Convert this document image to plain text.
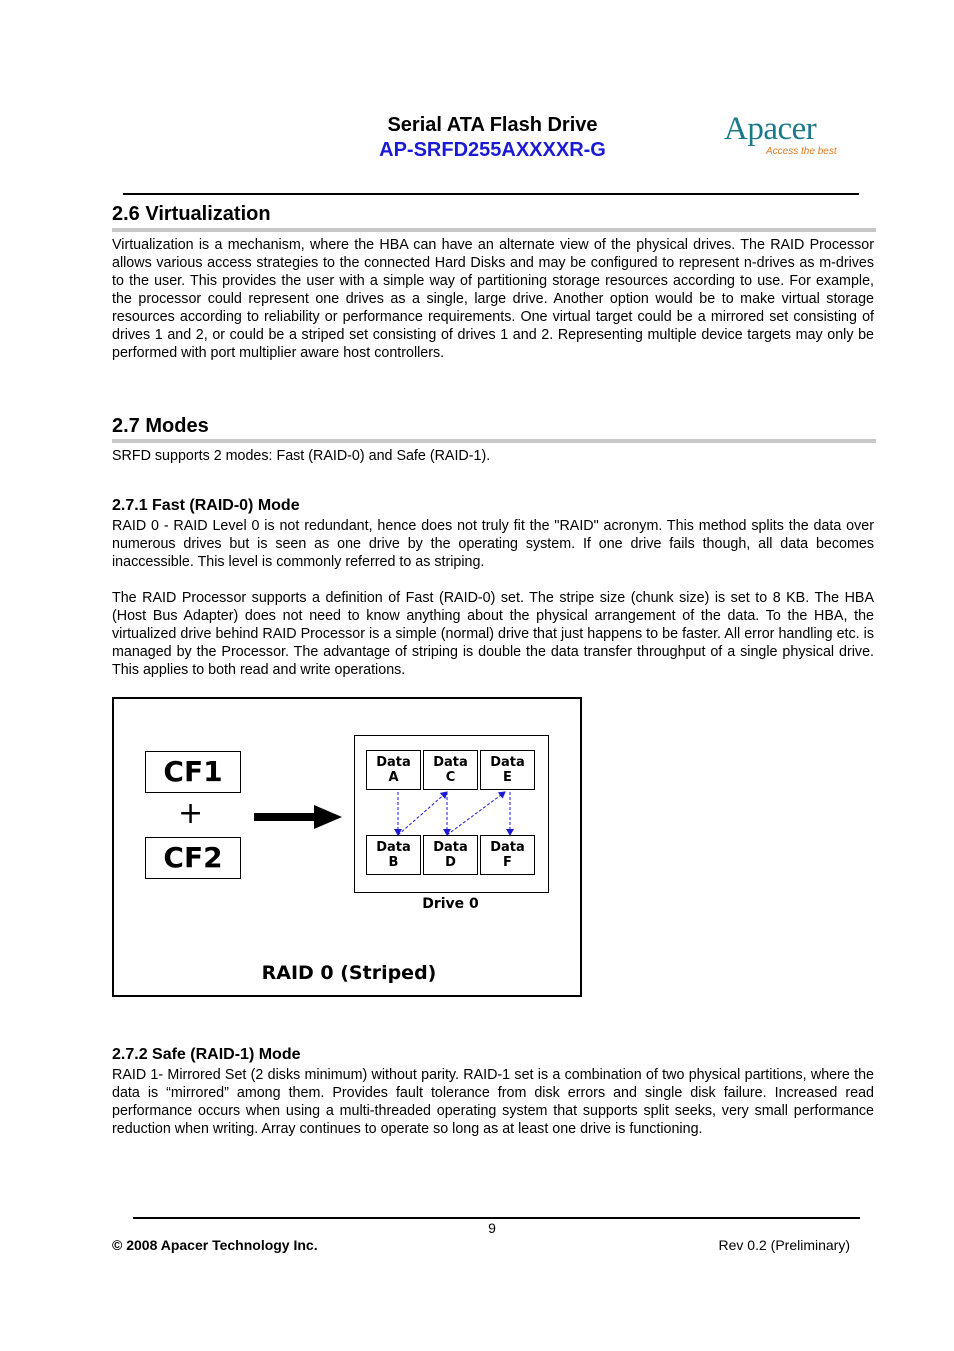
Serial ATA Flash Drive
AP-SRFD255AXXXXR-G
Apacer
Access the best
2.6 Virtualization

Virtualization is a mechanism, where the HBA can have an alternate view of the physical drives. The RAID Processor allows various access strategies to the connected Hard Disks and may be configured to represent n-drives as m-drives to the user. This provides the user with a simple way of partitioning storage resources according to use. For example, the processor could represent one drives as a single, large drive. Another option would be to make virtual storage resources according to reliability or performance requirements. One virtual target could be a mirrored set consisting of drives 1 and 2, or could be a striped set consisting of drives 1 and 2. Representing multiple device targets may only be performed with port multiplier aware host controllers.

2.7 Modes

SRFD supports 2 modes: Fast (RAID-0) and Safe (RAID-1).

2.7.1 Fast (RAID-0) Mode

RAID 0 - RAID Level 0 is not redundant, hence does not truly fit the "RAID" acronym. This method splits the data over numerous drives but is seen as one drive by the operating system. If one drive fails though, all data becomes inaccessible. This level is commonly referred to as striping.

The RAID Processor supports a definition of Fast (RAID-0) set. The stripe size (chunk size) is set to 8 KB. The HBA (Host Bus Adapter) does not need to know anything about the physical arrangement of the data. To the HBA, the virtualized drive behind RAID Processor is a simple (normal) drive that just happens to be faster. All error handling etc. is managed by the Processor. The advantage of striping is double the data transfer throughput of a single physical drive. This applies to both read and write operations.

CF1
+
CF2
Data
A
Data
C
Data
E
Data
B
Data
D
Data
F
Drive 0
RAID 0 (Striped)
2.7.2 Safe (RAID-1) Mode

RAID 1- Mirrored Set (2 disks minimum) without parity. RAID-1 set is a combination of two physical partitions, where the data is “mirrored” among them. Provides fault tolerance from disk errors and single disk failure. Increased read performance occurs when using a multi-threaded operating system that supports split seeks, very small performance reduction when writing. Array continues to operate so long as at least one drive is functioning.

9
© 2008 Apacer Technology Inc.	Rev 0.2 (Preliminary)
